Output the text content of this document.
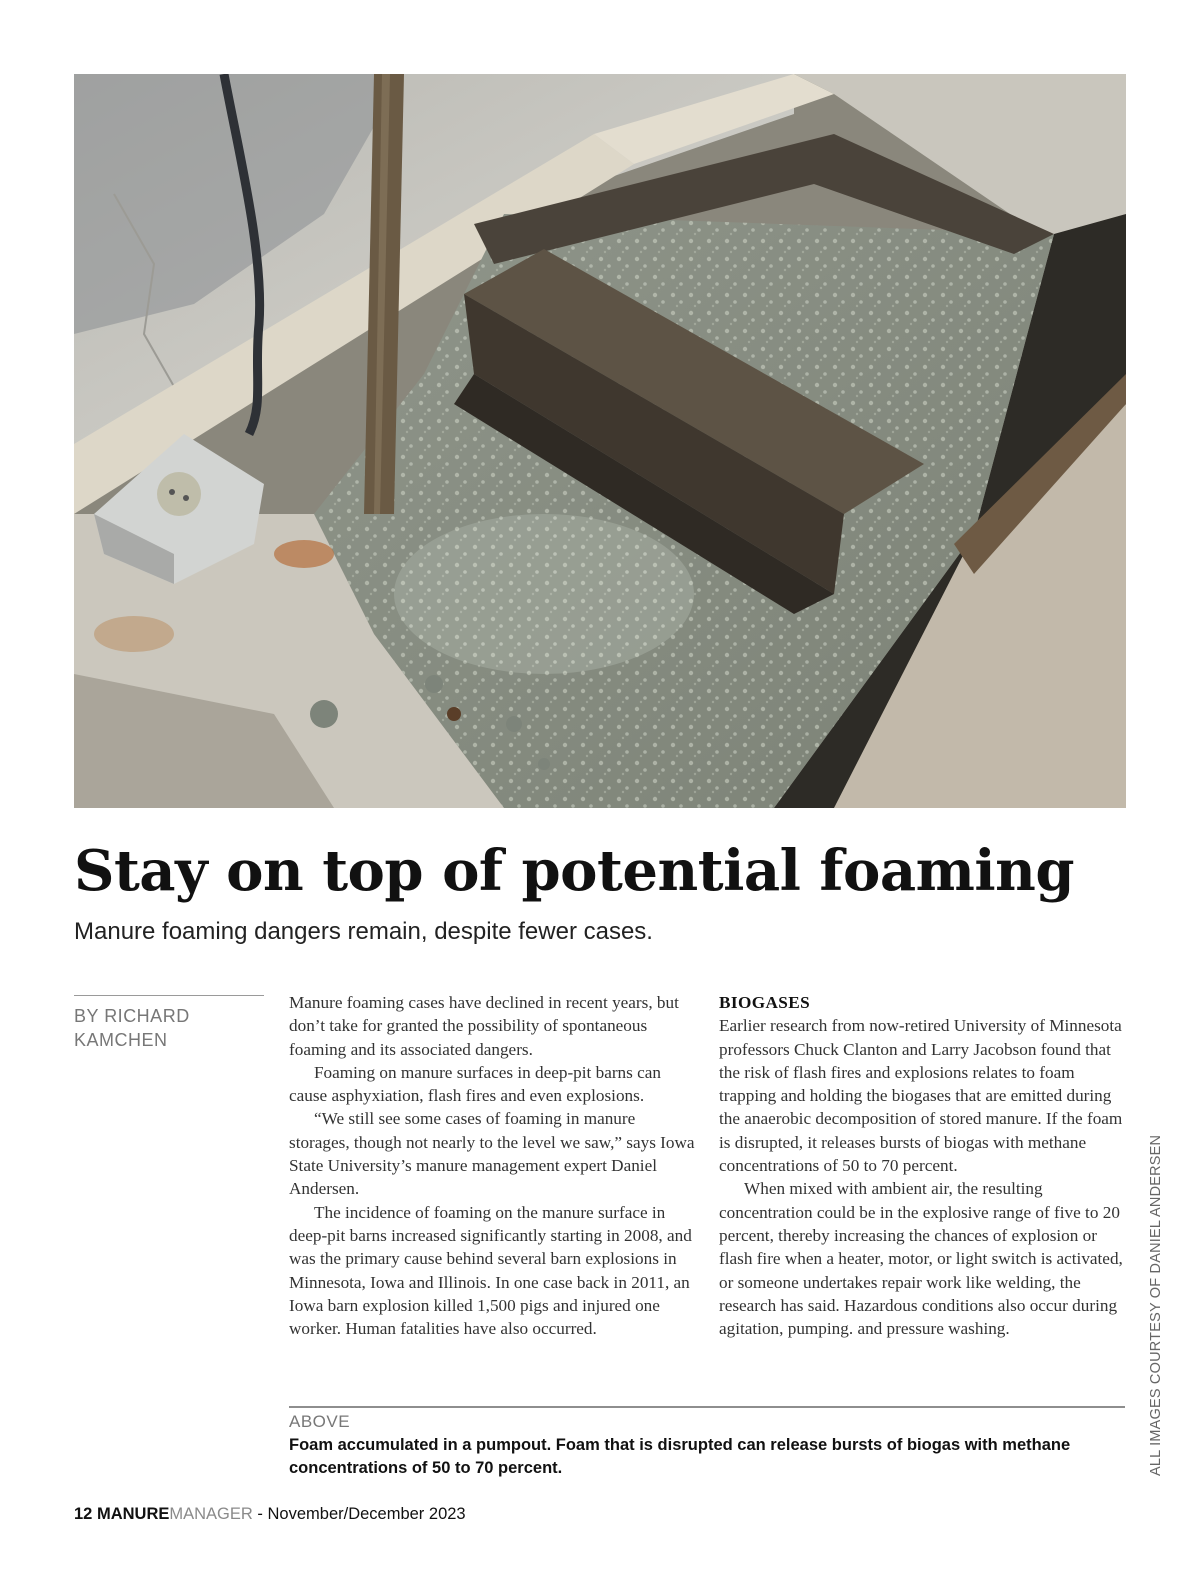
Stay on top of potential foaming

Manure foaming dangers remain, despite fewer cases.

BY RICHARD
KAMCHEN

Manure foaming cases have declined in recent years, but don’t take for granted the possibility of spontaneous foaming and its associated dangers.

Foaming on manure surfaces in deep-pit barns can cause asphyxiation, flash fires and even explosions.

“We still see some cases of foaming in manure storages, though not nearly to the level we saw,” says Iowa State University’s manure management expert Daniel Andersen.

The incidence of foaming on the manure surface in deep-pit barns increased significantly starting in 2008, and was the primary cause behind several barn explosions in Minnesota, Iowa and Illinois. In one case back in 2011, an Iowa barn explosion killed 1,500 pigs and injured one worker. Human fatalities have also occurred.

BIOGASES

Earlier research from now-retired University of Minnesota professors Chuck Clanton and Larry Jacobson found that the risk of flash fires and explosions relates to foam trapping and holding the biogases that are emitted during the anaerobic decomposition of stored manure. If the foam is disrupted, it releases bursts of biogas with methane concentrations of 50 to 70 percent.

When mixed with ambient air, the resulting concentration could be in the explosive range of five to 20 percent, thereby increasing the chances of explosion or flash fire when a heater, motor, or light switch is activated, or someone undertakes repair work like welding, the research has said. Hazardous conditions also occur during agitation, pumping. and pressure washing.

ABOVE
Foam accumulated in a pumpout. Foam that is disrupted can release bursts of biogas with methane concentrations of 50 to 70 percent.	ALL IMAGES COURTESY OF DANIEL ANDERSEN
12 MANUREMANAGER - November/December 2023
